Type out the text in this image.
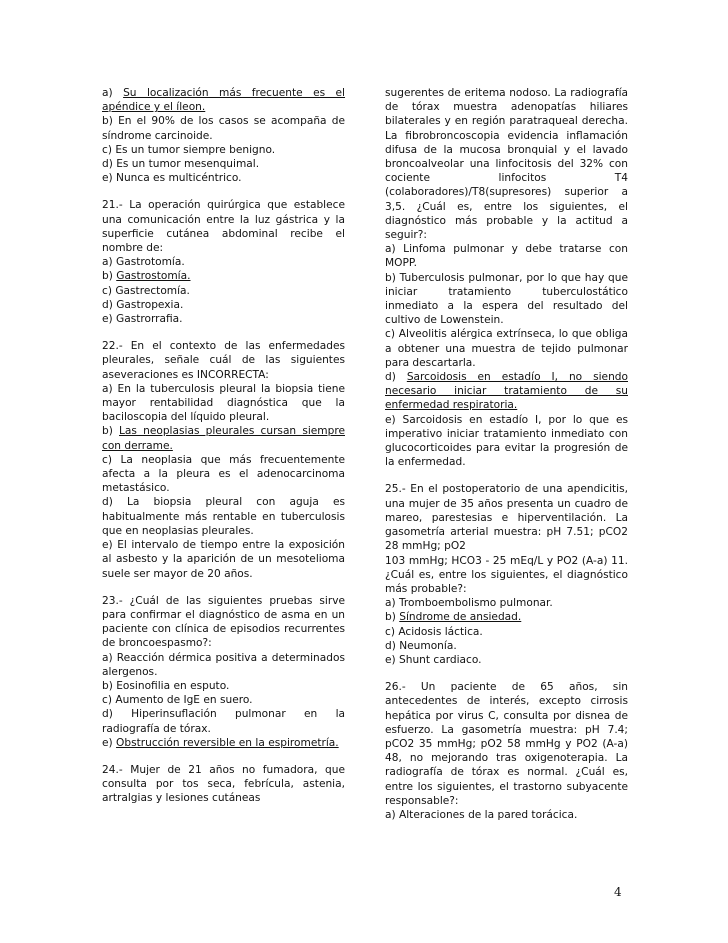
a) Su localización más frecuente es el apéndice y el íleon.

b) En el 90% de los casos se acompaña de síndrome carcinoide.

c) Es un tumor siempre benigno.

d) Es un tumor mesenquimal.

e) Nunca es multicéntrico.

21.- La operación quirúrgica que establece una comunicación entre la luz gástrica y la superficie cutánea abdominal recibe el nombre de:

a) Gastrotomía.

b) Gastrostomía.

c) Gastrectomía.

d) Gastropexia.

e) Gastrorrafia.

22.- En el contexto de las enfermedades pleurales, señale cuál de las siguientes aseveraciones es INCORRECTA:

a) En la tuberculosis pleural la biopsia tiene mayor rentabilidad diagnóstica que la baciloscopia del líquido pleural.

b) Las neoplasias pleurales cursan siempre con derrame.

c) La neoplasia que más frecuentemente afecta a la pleura es el adenocarcinoma metastásico.

d) La biopsia pleural con aguja es habitualmente más rentable en tuberculosis que en neoplasias pleurales.

e) El intervalo de tiempo entre la exposición al asbesto y la aparición de un mesotelioma suele ser mayor de 20 años.

23.- ¿Cuál de las siguientes pruebas sirve para confirmar el diagnóstico de asma en un paciente con clínica de episodios recurrentes de broncoespasmo?:

a) Reacción dérmica positiva a determinados alergenos.

b) Eosinofilia en esputo.

c) Aumento de IgE en suero.

d) Hiperinsuflación pulmonar en la radiografía de tórax.

e) Obstrucción reversible en la espirometría.

24.- Mujer de 21 años no fumadora, que consulta por tos seca, febrícula, astenia, artralgias y lesiones cutáneas

sugerentes de eritema nodoso. La radiografía de tórax muestra adenopatías hiliares bilaterales y en región paratraqueal derecha. La fibrobroncoscopia evidencia inflamación difusa de la mucosa bronquial y el lavado broncoalveolar una linfocitosis del 32% con cociente linfocitos T4 (colaboradores)/T8(supresores) superior a 3,5. ¿Cuál es, entre los siguientes, el diagnóstico más probable y la actitud a seguir?:

a) Linfoma pulmonar y debe tratarse con MOPP.

b) Tuberculosis pulmonar, por lo que hay que iniciar tratamiento tuberculostático inmediato a la espera del resultado del cultivo de Lowenstein.

c) Alveolitis alérgica extrínseca, lo que obliga a obtener una muestra de tejido pulmonar para descartarla.

d) Sarcoidosis en estadío I, no siendo necesario iniciar tratamiento de su enfermedad respiratoria.

e) Sarcoidosis en estadío I, por lo que es imperativo iniciar tratamiento inmediato con glucocorticoides para evitar la progresión de la enfermedad.

25.- En el postoperatorio de una apendicitis, una mujer de 35 años presenta un cuadro de mareo, parestesias e hiperventilación. La gasometría arterial muestra: pH 7.51; pCO2 28 mmHg; pO2

103 mmHg; HCO3 - 25 mEq/L y PO2 (A-a) 11. ¿Cuál es, entre los siguientes, el diagnóstico más probable?:

a) Tromboembolismo pulmonar.

b) Síndrome de ansiedad.

c) Acidosis láctica.

d) Neumonía.

e) Shunt cardiaco.

26.- Un paciente de 65 años, sin antecedentes de interés, excepto cirrosis hepática por virus C, consulta por disnea de esfuerzo. La gasometría muestra: pH 7.4; pCO2 35 mmHg; pO2 58 mmHg y PO2 (A-a) 48, no mejorando tras oxigenoterapia. La radiografía de tórax es normal. ¿Cuál es, entre los siguientes, el trastorno subyacente responsable?:

a) Alteraciones de la pared torácica.

4
